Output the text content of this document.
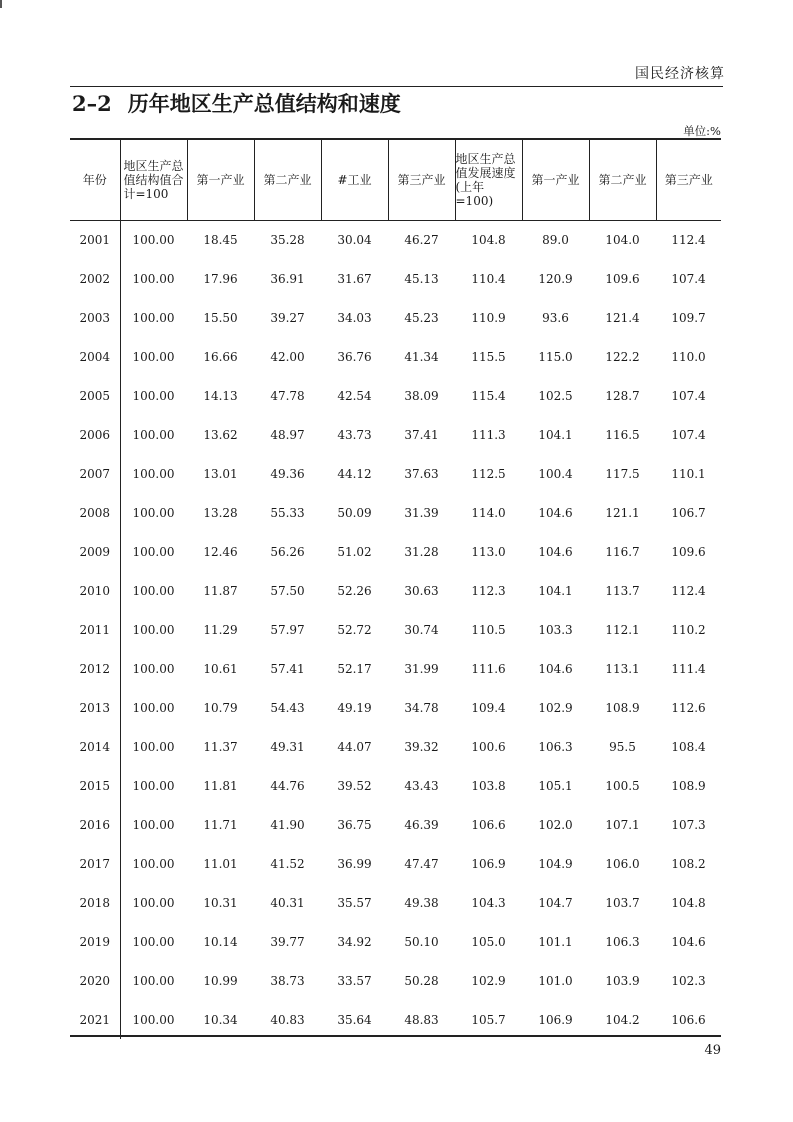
国民经济核算
2–2 历年地区生产总值结构和速度
单位:%
年份	地区生产总
值结构值合
计=100	第一产业	第二产业	#工业	第三产业	地区生产总
值发展速度
(上年=100)	第一产业	第二产业	第三产业
2001	100.00	18.45	35.28	30.04	46.27	104.8	89.0	104.0	112.4
2002	100.00	17.96	36.91	31.67	45.13	110.4	120.9	109.6	107.4
2003	100.00	15.50	39.27	34.03	45.23	110.9	93.6	121.4	109.7
2004	100.00	16.66	42.00	36.76	41.34	115.5	115.0	122.2	110.0
2005	100.00	14.13	47.78	42.54	38.09	115.4	102.5	128.7	107.4
2006	100.00	13.62	48.97	43.73	37.41	111.3	104.1	116.5	107.4
2007	100.00	13.01	49.36	44.12	37.63	112.5	100.4	117.5	110.1
2008	100.00	13.28	55.33	50.09	31.39	114.0	104.6	121.1	106.7
2009	100.00	12.46	56.26	51.02	31.28	113.0	104.6	116.7	109.6
2010	100.00	11.87	57.50	52.26	30.63	112.3	104.1	113.7	112.4
2011	100.00	11.29	57.97	52.72	30.74	110.5	103.3	112.1	110.2
2012	100.00	10.61	57.41	52.17	31.99	111.6	104.6	113.1	111.4
2013	100.00	10.79	54.43	49.19	34.78	109.4	102.9	108.9	112.6
2014	100.00	11.37	49.31	44.07	39.32	100.6	106.3	95.5	108.4
2015	100.00	11.81	44.76	39.52	43.43	103.8	105.1	100.5	108.9
2016	100.00	11.71	41.90	36.75	46.39	106.6	102.0	107.1	107.3
2017	100.00	11.01	41.52	36.99	47.47	106.9	104.9	106.0	108.2
2018	100.00	10.31	40.31	35.57	49.38	104.3	104.7	103.7	104.8
2019	100.00	10.14	39.77	34.92	50.10	105.0	101.1	106.3	104.6
2020	100.00	10.99	38.73	33.57	50.28	102.9	101.0	103.9	102.3
2021	100.00	10.34	40.83	35.64	48.83	105.7	106.9	104.2	106.6
49
